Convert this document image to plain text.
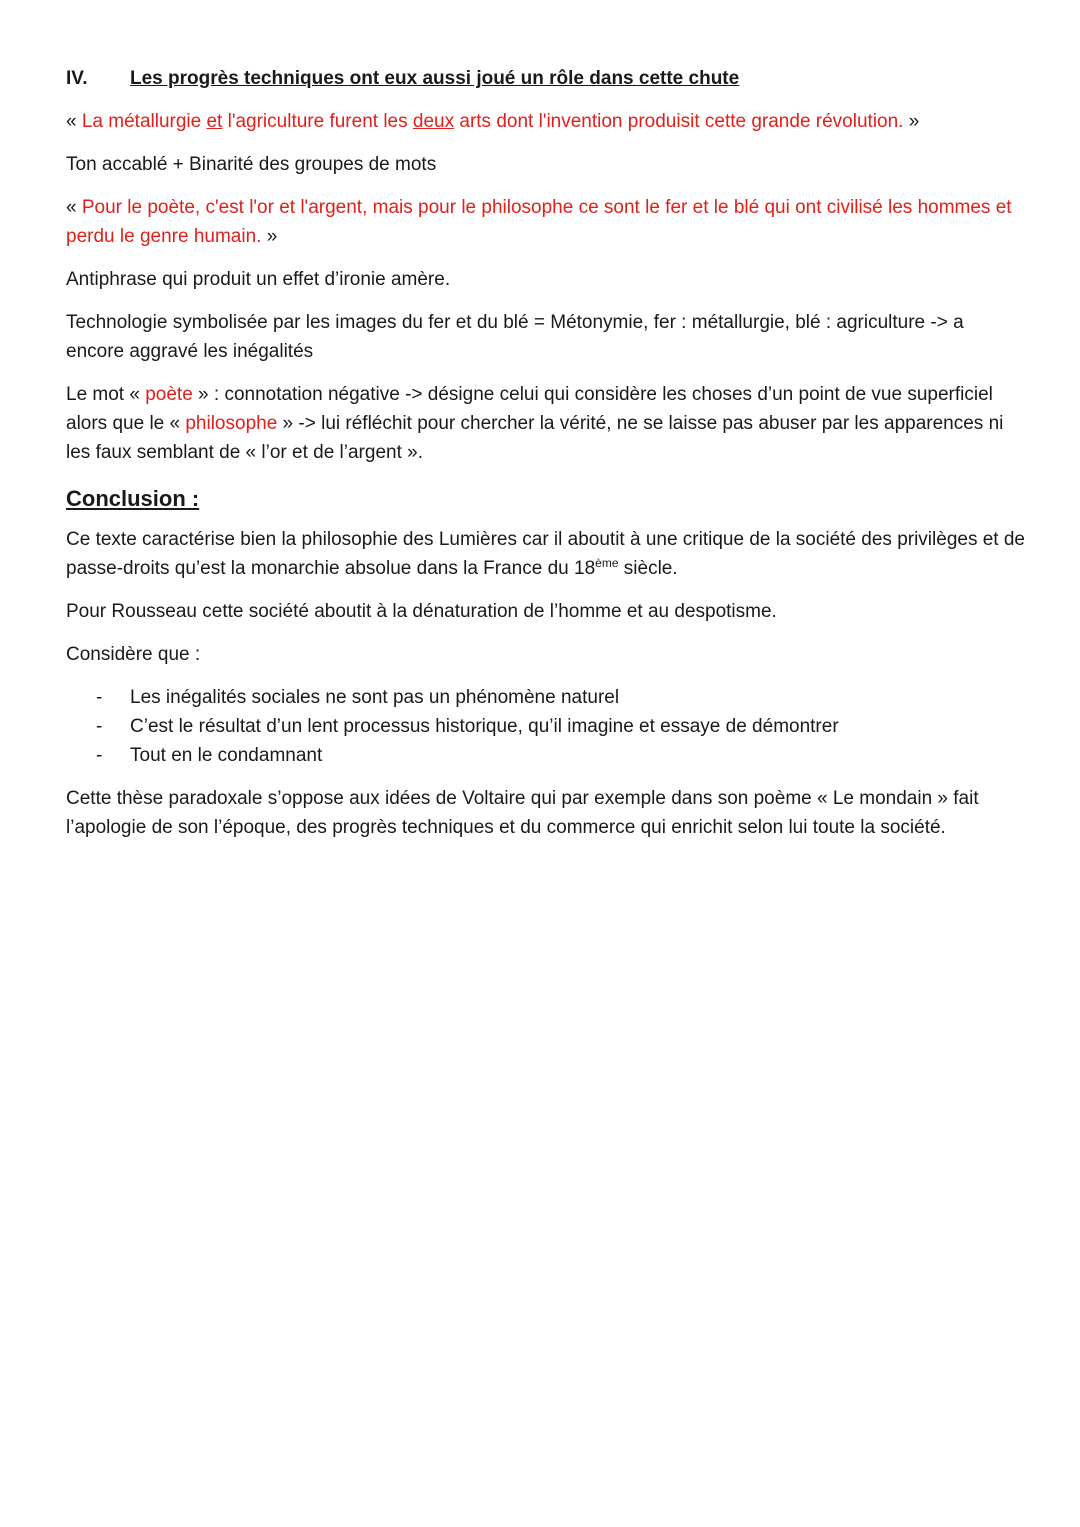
IV.	Les progrès techniques ont eux aussi joué un rôle dans cette chute

« La métallurgie et l'agriculture furent les deux arts dont l'invention produisit cette grande révolution. »

Ton accablé + Binarité des groupes de mots

« Pour le poète, c'est l'or et l'argent, mais pour le philosophe ce sont le fer et le blé qui ont civilisé les hommes et perdu le genre humain. »

Antiphrase qui produit un effet d’ironie amère.

Technologie symbolisée par les images du fer et du blé = Métonymie, fer : métallurgie, blé : agriculture -> a encore aggravé les inégalités

Le mot « poète » : connotation négative -> désigne celui qui considère les choses d’un point de vue superficiel alors que le « philosophe » -> lui réfléchit pour chercher la vérité, ne se laisse pas abuser par les apparences ni les faux semblant de « l’or et de l’argent ».

Conclusion :

Ce texte caractérise bien la philosophie des Lumières car il aboutit à une critique de la société des privilèges et de passe-droits qu’est la monarchie absolue dans la France du 18ème siècle.

Pour Rousseau cette société aboutit à la dénaturation de l’homme et au despotisme.

Considère que :

- Les inégalités sociales ne sont pas un phénomène naturel
- C’est le résultat d’un lent processus historique, qu’il imagine et essaye de démontrer
- Tout en le condamnant

Cette thèse paradoxale s’oppose aux idées de Voltaire qui par exemple dans son poème « Le mondain » fait l’apologie de son l’époque, des progrès techniques et du commerce qui enrichit selon lui toute la société.
